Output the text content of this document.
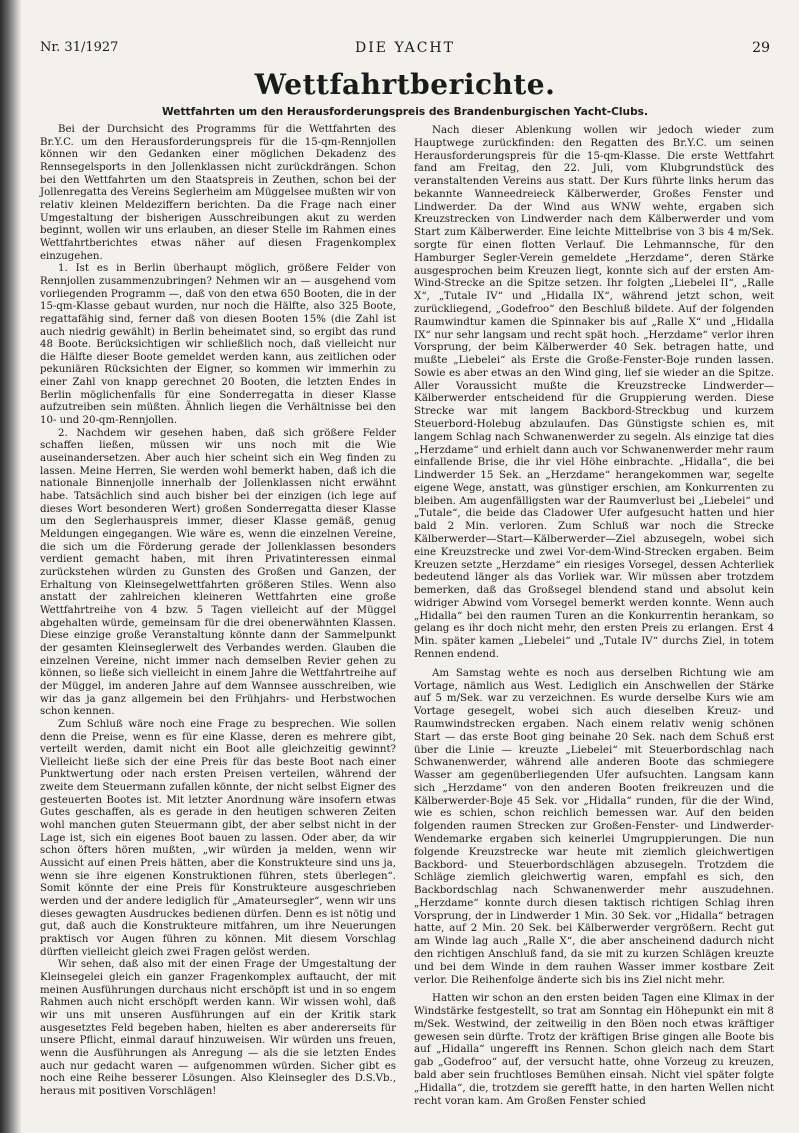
Nr. 31/1927	DIE YACHT	29
Wettfahrtberichte.
Wettfahrten um den Herausforderungspreis des Brandenburgischen Yacht-Clubs.

Bei der Durchsicht des Programms für die Wettfahrten des Br.Y.C. um den Herausforderungspreis für die 15-qm-Rennjollen können wir den Gedanken einer möglichen Dekadenz des Rennsegelsports in den Jollenklassen nicht zurückdrängen. Schon bei den Wettfahrten um den Staatspreis in Zeuthen, schon bei der Jollenregatta des Vereins Seglerheim am Müggelsee mußten wir von relativ kleinen Meldeziffern berichten. Da die Frage nach einer Umgestaltung der bisherigen Ausschreibungen akut zu werden beginnt, wollen wir uns erlauben, an dieser Stelle im Rahmen eines Wettfahrtberichtes etwas näher auf diesen Fragenkomplex einzugehen.

1. Ist es in Berlin überhaupt möglich, größere Felder von Rennjollen zusammenzubringen? Nehmen wir an — ausgehend vom vorliegenden Programm —, daß von den etwa 650 Booten, die in der 15-qm-Klasse gebaut wurden, nur noch die Hälfte, also 325 Boote, regattafähig sind, ferner daß von diesen Booten 15% (die Zahl ist auch niedrig gewählt) in Berlin beheimatet sind, so ergibt das rund 48 Boote. Berücksichtigen wir schließlich noch, daß vielleicht nur die Hälfte dieser Boote gemeldet werden kann, aus zeitlichen oder pekuniären Rücksichten der Eigner, so kommen wir immerhin zu einer Zahl von knapp gerechnet 20 Booten, die letzten Endes in Berlin möglichenfalls für eine Sonderregatta in dieser Klasse aufzutreiben sein müßten. Ähnlich liegen die Verhältnisse bei den 10- und 20-qm-Rennjollen.

2. Nachdem wir gesehen haben, daß sich größere Felder schaffen ließen, müssen wir uns noch mit die Wie auseinandersetzen. Aber auch hier scheint sich ein Weg finden zu lassen. Meine Herren, Sie werden wohl bemerkt haben, daß ich die nationale Binnenjolle innerhalb der Jollenklassen nicht erwähnt habe. Tatsächlich sind auch bisher bei der einzigen (ich lege auf dieses Wort besonderen Wert) großen Sonderregatta dieser Klasse um den Seglerhauspreis immer, dieser Klasse gemäß, genug Meldungen eingegangen. Wie wäre es, wenn die einzelnen Vereine, die sich um die Förderung gerade der Jollenklassen besonders verdient gemacht haben, mit ihren Privatinteressen einmal zurückstehen würden zu Gunsten des Großen und Ganzen, der Erhaltung von Kleinsegelwettfahrten größeren Stiles. Wenn also anstatt der zahlreichen kleineren Wettfahrten eine große Wettfahrtreihe von 4 bzw. 5 Tagen vielleicht auf der Müggel abgehalten würde, gemeinsam für die drei obenerwähnten Klassen. Diese einzige große Veranstaltung könnte dann der Sammelpunkt der gesamten Kleinseglerwelt des Verbandes werden. Glauben die einzelnen Vereine, nicht immer nach demselben Revier gehen zu können, so ließe sich vielleicht in einem Jahre die Wettfahrtreihe auf der Müggel, im anderen Jahre auf dem Wannsee ausschreiben, wie wir das ja ganz allgemein bei den Frühjahrs- und Herbstwochen schon kennen.

Zum Schluß wäre noch eine Frage zu besprechen. Wie sollen denn die Preise, wenn es für eine Klasse, deren es mehrere gibt, verteilt werden, damit nicht ein Boot alle gleichzeitig gewinnt? Vielleicht ließe sich der eine Preis für das beste Boot nach einer Punktwertung oder nach ersten Preisen verteilen, während der zweite dem Steuermann zufallen könnte, der nicht selbst Eigner des gesteuerten Bootes ist. Mit letzter Anordnung wäre insofern etwas Gutes geschaffen, als es gerade in den heutigen schweren Zeiten wohl manchen guten Steuermann gibt, der aber selbst nicht in der Lage ist, sich ein eigenes Boot bauen zu lassen. Oder aber, da wir schon öfters hören mußten, „wir würden ja melden, wenn wir Aussicht auf einen Preis hätten, aber die Konstrukteure sind uns ja, wenn sie ihre eigenen Konstruktionen führen, stets überlegen“. Somit könnte der eine Preis für Konstrukteure ausgeschrieben werden und der andere lediglich für „Amateursegler“, wenn wir uns dieses gewagten Ausdruckes bedienen dürfen. Denn es ist nötig und gut, daß auch die Konstrukteure mitfahren, um ihre Neuerungen praktisch vor Augen führen zu können. Mit diesem Vorschlag dürften vielleicht gleich zwei Fragen gelöst werden.

Wir sehen, daß also mit der einen Frage der Umgestaltung der Kleinsegelei gleich ein ganzer Fragenkomplex auftaucht, der mit meinen Ausführungen durchaus nicht erschöpft ist und in so engem Rahmen auch nicht erschöpft werden kann. Wir wissen wohl, daß wir uns mit unseren Ausführungen auf ein der Kritik stark ausgesetztes Feld begeben haben, hielten es aber andererseits für unsere Pflicht, einmal darauf hinzuweisen. Wir würden uns freuen, wenn die Ausführungen als Anregung — als die sie letzten Endes auch nur gedacht waren — aufgenommen würden. Sicher gibt es noch eine Reihe besserer Lösungen. Also Kleinsegler des D.S.Vb., heraus mit positiven Vorschlägen!

Nach dieser Ablenkung wollen wir jedoch wieder zum Hauptwege zurückfinden: den Regatten des Br.Y.C. um seinen Herausforderungspreis für die 15-qm-Klasse. Die erste Wettfahrt fand am Freitag, den 22. Juli, vom Klubgrundstück des veranstaltenden Vereins aus statt. Der Kurs führte links herum das bekannte Wanneedreieck Kälberwerder, Großes Fenster und Lindwerder. Da der Wind aus WNW wehte, ergaben sich Kreuzstrecken von Lindwerder nach dem Kälberwerder und vom Start zum Kälberwerder. Eine leichte Mittelbrise von 3 bis 4 m/Sek. sorgte für einen flotten Verlauf. Die Lehmannsche, für den Hamburger Segler-Verein gemeldete „Herzdame“, deren Stärke ausgesprochen beim Kreuzen liegt, konnte sich auf der ersten Am-Wind-Strecke an die Spitze setzen. Ihr folgten „Liebelei II“, „Ralle X“, „Tutale IV“ und „Hidalla IX“, während jetzt schon, weit zurückliegend, „Godefroo“ den Beschluß bildete. Auf der folgenden Raumwindtur kamen die Spinnaker bis auf „Ralle X“ und „Hidalla IX“ nur sehr langsam und recht spät hoch. „Herzdame“ verlor ihren Vorsprung, der beim Kälberwerder 40 Sek. betragen hatte, und mußte „Liebelei“ als Erste die Große-Fenster-Boje runden lassen. Sowie es aber etwas an den Wind ging, lief sie wieder an die Spitze. Aller Voraussicht mußte die Kreuzstrecke Lindwerder—Kälberwerder entscheidend für die Gruppierung werden. Diese Strecke war mit langem Backbord-Streckbug und kurzem Steuerbord-Holebug abzulaufen. Das Günstigste schien es, mit langem Schlag nach Schwanenwerder zu segeln. Als einzige tat dies „Herzdame“ und erhielt dann auch vor Schwanenwerder mehr raum einfallende Brise, die ihr viel Höhe einbrachte. „Hidalla“, die bei Lindwerder 15 Sek. an „Herzdame“ herangekommen war, segelte eigene Wege, anstatt, was günstiger erschien, am Konkurrenten zu bleiben. Am augenfälligsten war der Raumverlust bei „Liebelei“ und „Tutale“, die beide das Cladower Ufer aufgesucht hatten und hier bald 2 Min. verloren. Zum Schluß war noch die Strecke Kälberwerder—Start—Kälberwerder—Ziel abzusegeln, wobei sich eine Kreuzstrecke und zwei Vor-dem-Wind-Strecken ergaben. Beim Kreuzen setzte „Herzdame“ ein riesiges Vorsegel, dessen Achterliek bedeutend länger als das Vorliek war. Wir müssen aber trotzdem bemerken, daß das Großsegel blendend stand und absolut kein widriger Abwind vom Vorsegel bemerkt werden konnte. Wenn auch „Hidalla“ bei den raumen Turen an die Konkurrentin herankam, so gelang es ihr doch nicht mehr, den ersten Preis zu erlangen. Erst 4 Min. später kamen „Liebelei“ und „Tutale IV“ durchs Ziel, in totem Rennen endend.

Am Samstag wehte es noch aus derselben Richtung wie am Vortage, nämlich aus West. Lediglich ein Anschwellen der Stärke auf 5 m/Sek. war zu verzeichnen. Es wurde derselbe Kurs wie am Vortage gesegelt, wobei sich auch dieselben Kreuz- und Raumwindstrecken ergaben. Nach einem relativ wenig schönen Start — das erste Boot ging beinahe 20 Sek. nach dem Schuß erst über die Linie — kreuzte „Liebelei“ mit Steuerbordschlag nach Schwanenwerder, während alle anderen Boote das schmiegere Wasser am gegenüberliegenden Ufer aufsuchten. Langsam kann sich „Herzdame“ von den anderen Booten freikreuzen und die Kälberwerder-Boje 45 Sek. vor „Hidalla“ runden, für die der Wind, wie es schien, schon reichlich bemessen war. Auf den beiden folgenden raumen Strecken zur Großen-Fenster- und Lindwerder-Wendemarke ergaben sich keinerlei Umgruppierungen. Die nun folgende Kreuzstrecke war heute mit ziemlich gleichwertigen Backbord- und Steuerbordschlägen abzusegeln. Trotzdem die Schläge ziemlich gleichwertig waren, empfahl es sich, den Backbordschlag nach Schwanenwerder mehr auszudehnen. „Herzdame“ konnte durch diesen taktisch richtigen Schlag ihren Vorsprung, der in Lindwerder 1 Min. 30 Sek. vor „Hidalla“ betragen hatte, auf 2 Min. 20 Sek. bei Kälberwerder vergrößern. Recht gut am Winde lag auch „Ralle X“, die aber anscheinend dadurch nicht den richtigen Anschluß fand, da sie mit zu kurzen Schlägen kreuzte und bei dem Winde in dem rauhen Wasser immer kostbare Zeit verlor. Die Reihenfolge änderte sich bis ins Ziel nicht mehr.

Hatten wir schon an den ersten beiden Tagen eine Klimax in der Windstärke festgestellt, so trat am Sonntag ein Höhepunkt ein mit 8 m/Sek. Westwind, der zeitweilig in den Böen noch etwas kräftiger gewesen sein dürfte. Trotz der kräftigen Brise gingen alle Boote bis auf „Hidalla“ ungerefft ins Rennen. Schon gleich nach dem Start gab „Godefroo“ auf, der versucht hatte, ohne Vorzeug zu kreuzen, bald aber sein fruchtloses Bemühen einsah. Nicht viel später folgte „Hidalla“, die, trotzdem sie gerefft hatte, in den harten Wellen nicht recht voran kam. Am Großen Fenster schied
